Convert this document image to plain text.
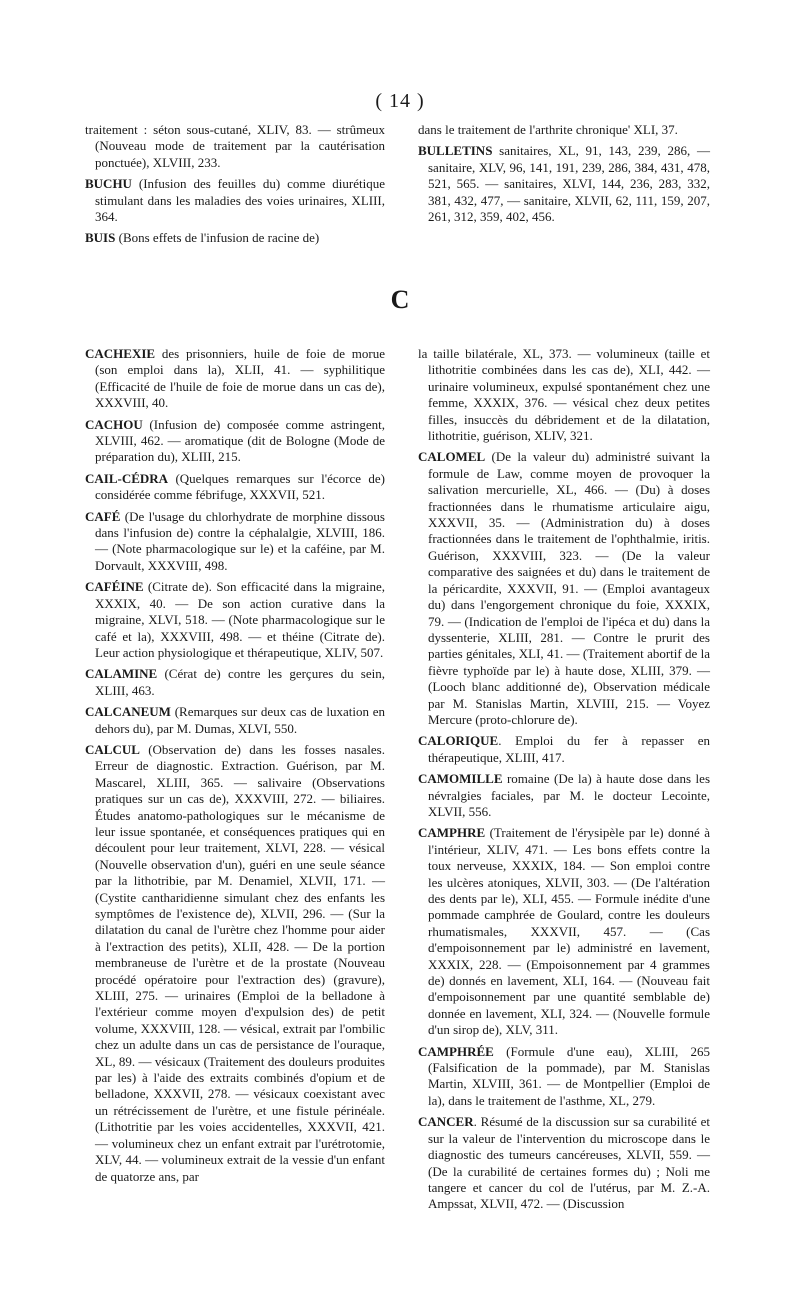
( 14 )

traitement : séton sous-cutané, XLIV, 83. — strûmeux (Nouveau mode de traitement par la cautérisation ponctuée), XLVIII, 233.

BUCHU (Infusion des feuilles du) comme diurétique stimulant dans les maladies des voies urinaires, XLIII, 364.

BUIS (Bons effets de l'infusion de racine de)

dans le traitement de l'arthrite chronique' XLI, 37.

BULLETINS sanitaires, XL, 91, 143, 239, 286, — sanitaire, XLV, 96, 141, 191, 239, 286, 384, 431, 478, 521, 565. — sanitaires, XLVI, 144, 236, 283, 332, 381, 432, 477, — sanitaire, XLVII, 62, 111, 159, 207, 261, 312, 359, 402, 456.

C

CACHEXIE des prisonniers, huile de foie de morue (son emploi dans la), XLII, 41. — syphilitique (Efficacité de l'huile de foie de morue dans un cas de), XXXVIII, 40.

CACHOU (Infusion de) composée comme astringent, XLVIII, 462. — aromatique (dit de Bologne (Mode de préparation du), XLIII, 215.

CAIL-CÉDRA (Quelques remarques sur l'écorce de) considérée comme fébrifuge, XXXVII, 521.

CAFÉ (De l'usage du chlorhydrate de morphine dissous dans l'infusion de) contre la céphalalgie, XLVIII, 186. — (Note pharmacologique sur le) et la caféine, par M. Dorvault, XXXVIII, 498.

CAFÉINE (Citrate de). Son efficacité dans la migraine, XXXIX, 40. — De son action curative dans la migraine, XLVI, 518. — (Note pharmacologique sur le café et la), XXXVIII, 498. — et théine (Citrate de). Leur action physiologique et thérapeutique, XLIV, 507.

CALAMINE (Cérat de) contre les gerçures du sein, XLIII, 463.

CALCANEUM (Remarques sur deux cas de luxation en dehors du), par M. Dumas, XLVI, 550.

CALCUL (Observation de) dans les fosses nasales. Erreur de diagnostic. Extraction. Guérison, par M. Mascarel, XLIII, 365. — salivaire (Observations pratiques sur un cas de), XXXVIII, 272. — biliaires. Études anatomo-pathologiques sur le mécanisme de leur issue spontanée, et conséquences pratiques qui en découlent pour leur traitement, XLVI, 228. — vésical (Nouvelle observation d'un), guéri en une seule séance par la lithotribie, par M. Denamiel, XLVII, 171. — (Cystite cantharidienne simulant chez des enfants les symptômes de l'existence de), XLVII, 296. — (Sur la dilatation du canal de l'urètre chez l'homme pour aider à l'extraction des petits), XLII, 428. — De la portion membraneuse de l'urètre et de la prostate (Nouveau procédé opératoire pour l'extraction des) (gravure), XLIII, 275. — urinaires (Emploi de la belladone à l'extérieur comme moyen d'expulsion des) de petit volume, XXXVIII, 128. — vésical, extrait par l'ombilic chez un adulte dans un cas de persistance de l'ouraque, XL, 89. — vésicaux (Traitement des douleurs produites par les) à l'aide des extraits combinés d'opium et de belladone, XXXVII, 278. — vésicaux coexistant avec un rétrécissement de l'urètre, et une fistule périnéale. (Lithotritie par les voies accidentelles, XXXVII, 421. — volumineux chez un enfant extrait par l'urétrotomie, XLV, 44. — volumineux extrait de la vessie d'un enfant de quatorze ans, par

la taille bilatérale, XL, 373. — volumineux (taille et lithotritie combinées dans les cas de), XLI, 442. — urinaire volumineux, expulsé spontanément chez une femme, XXXIX, 376. — vésical chez deux petites filles, insuccès du débridement et de la dilatation, lithotritie, guérison, XLIV, 321.

CALOMEL (De la valeur du) administré suivant la formule de Law, comme moyen de provoquer la salivation mercurielle, XL, 466. — (Du) à doses fractionnées dans le rhumatisme articulaire aigu, XXXVII, 35. — (Administration du) à doses fractionnées dans le traitement de l'ophthalmie, iritis. Guérison, XXXVIII, 323. — (De la valeur comparative des saignées et du) dans le traitement de la péricardite, XXXVII, 91. — (Emploi avantageux du) dans l'engorgement chronique du foie, XXXIX, 79. — (Indication de l'emploi de l'ipéca et du) dans la dyssenterie, XLIII, 281. — Contre le prurit des parties génitales, XLI, 41. — (Traitement abortif de la fièvre typhoïde par le) à haute dose, XLIII, 379. — (Looch blanc additionné de), Observation médicale par M. Stanislas Martin, XLVIII, 215. — Voyez Mercure (proto-chlorure de).

CALORIQUE. Emploi du fer à repasser en thérapeutique, XLIII, 417.

CAMOMILLE romaine (De la) à haute dose dans les névralgies faciales, par M. le docteur Lecointe, XLVII, 556.

CAMPHRE (Traitement de l'érysipèle par le) donné à l'intérieur, XLIV, 471. — Les bons effets contre la toux nerveuse, XXXIX, 184. — Son emploi contre les ulcères atoniques, XLVII, 303. — (De l'altération des dents par le), XLI, 455. — Formule inédite d'une pommade camphrée de Goulard, contre les douleurs rhumatismales, XXXVII, 457. — (Cas d'empoisonnement par le) administré en lavement, XXXIX, 228. — (Empoisonnement par 4 grammes de) donnés en lavement, XLI, 164. — (Nouveau fait d'empoisonnement par une quantité semblable de) donnée en lavement, XLI, 324. — (Nouvelle formule d'un sirop de), XLV, 311.

CAMPHRÉE (Formule d'une eau), XLIII, 265 (Falsification de la pommade), par M. Stanislas Martin, XLVIII, 361. — de Montpellier (Emploi de la), dans le traitement de l'asthme, XL, 279.

CANCER. Résumé de la discussion sur sa curabilité et sur la valeur de l'intervention du microscope dans le diagnostic des tumeurs cancéreuses, XLVII, 559. — (De la curabilité de certaines formes du) ; Noli me tangere et cancer du col de l'utérus, par M. Z.-A. Ampssat, XLVII, 472. — (Discussion
